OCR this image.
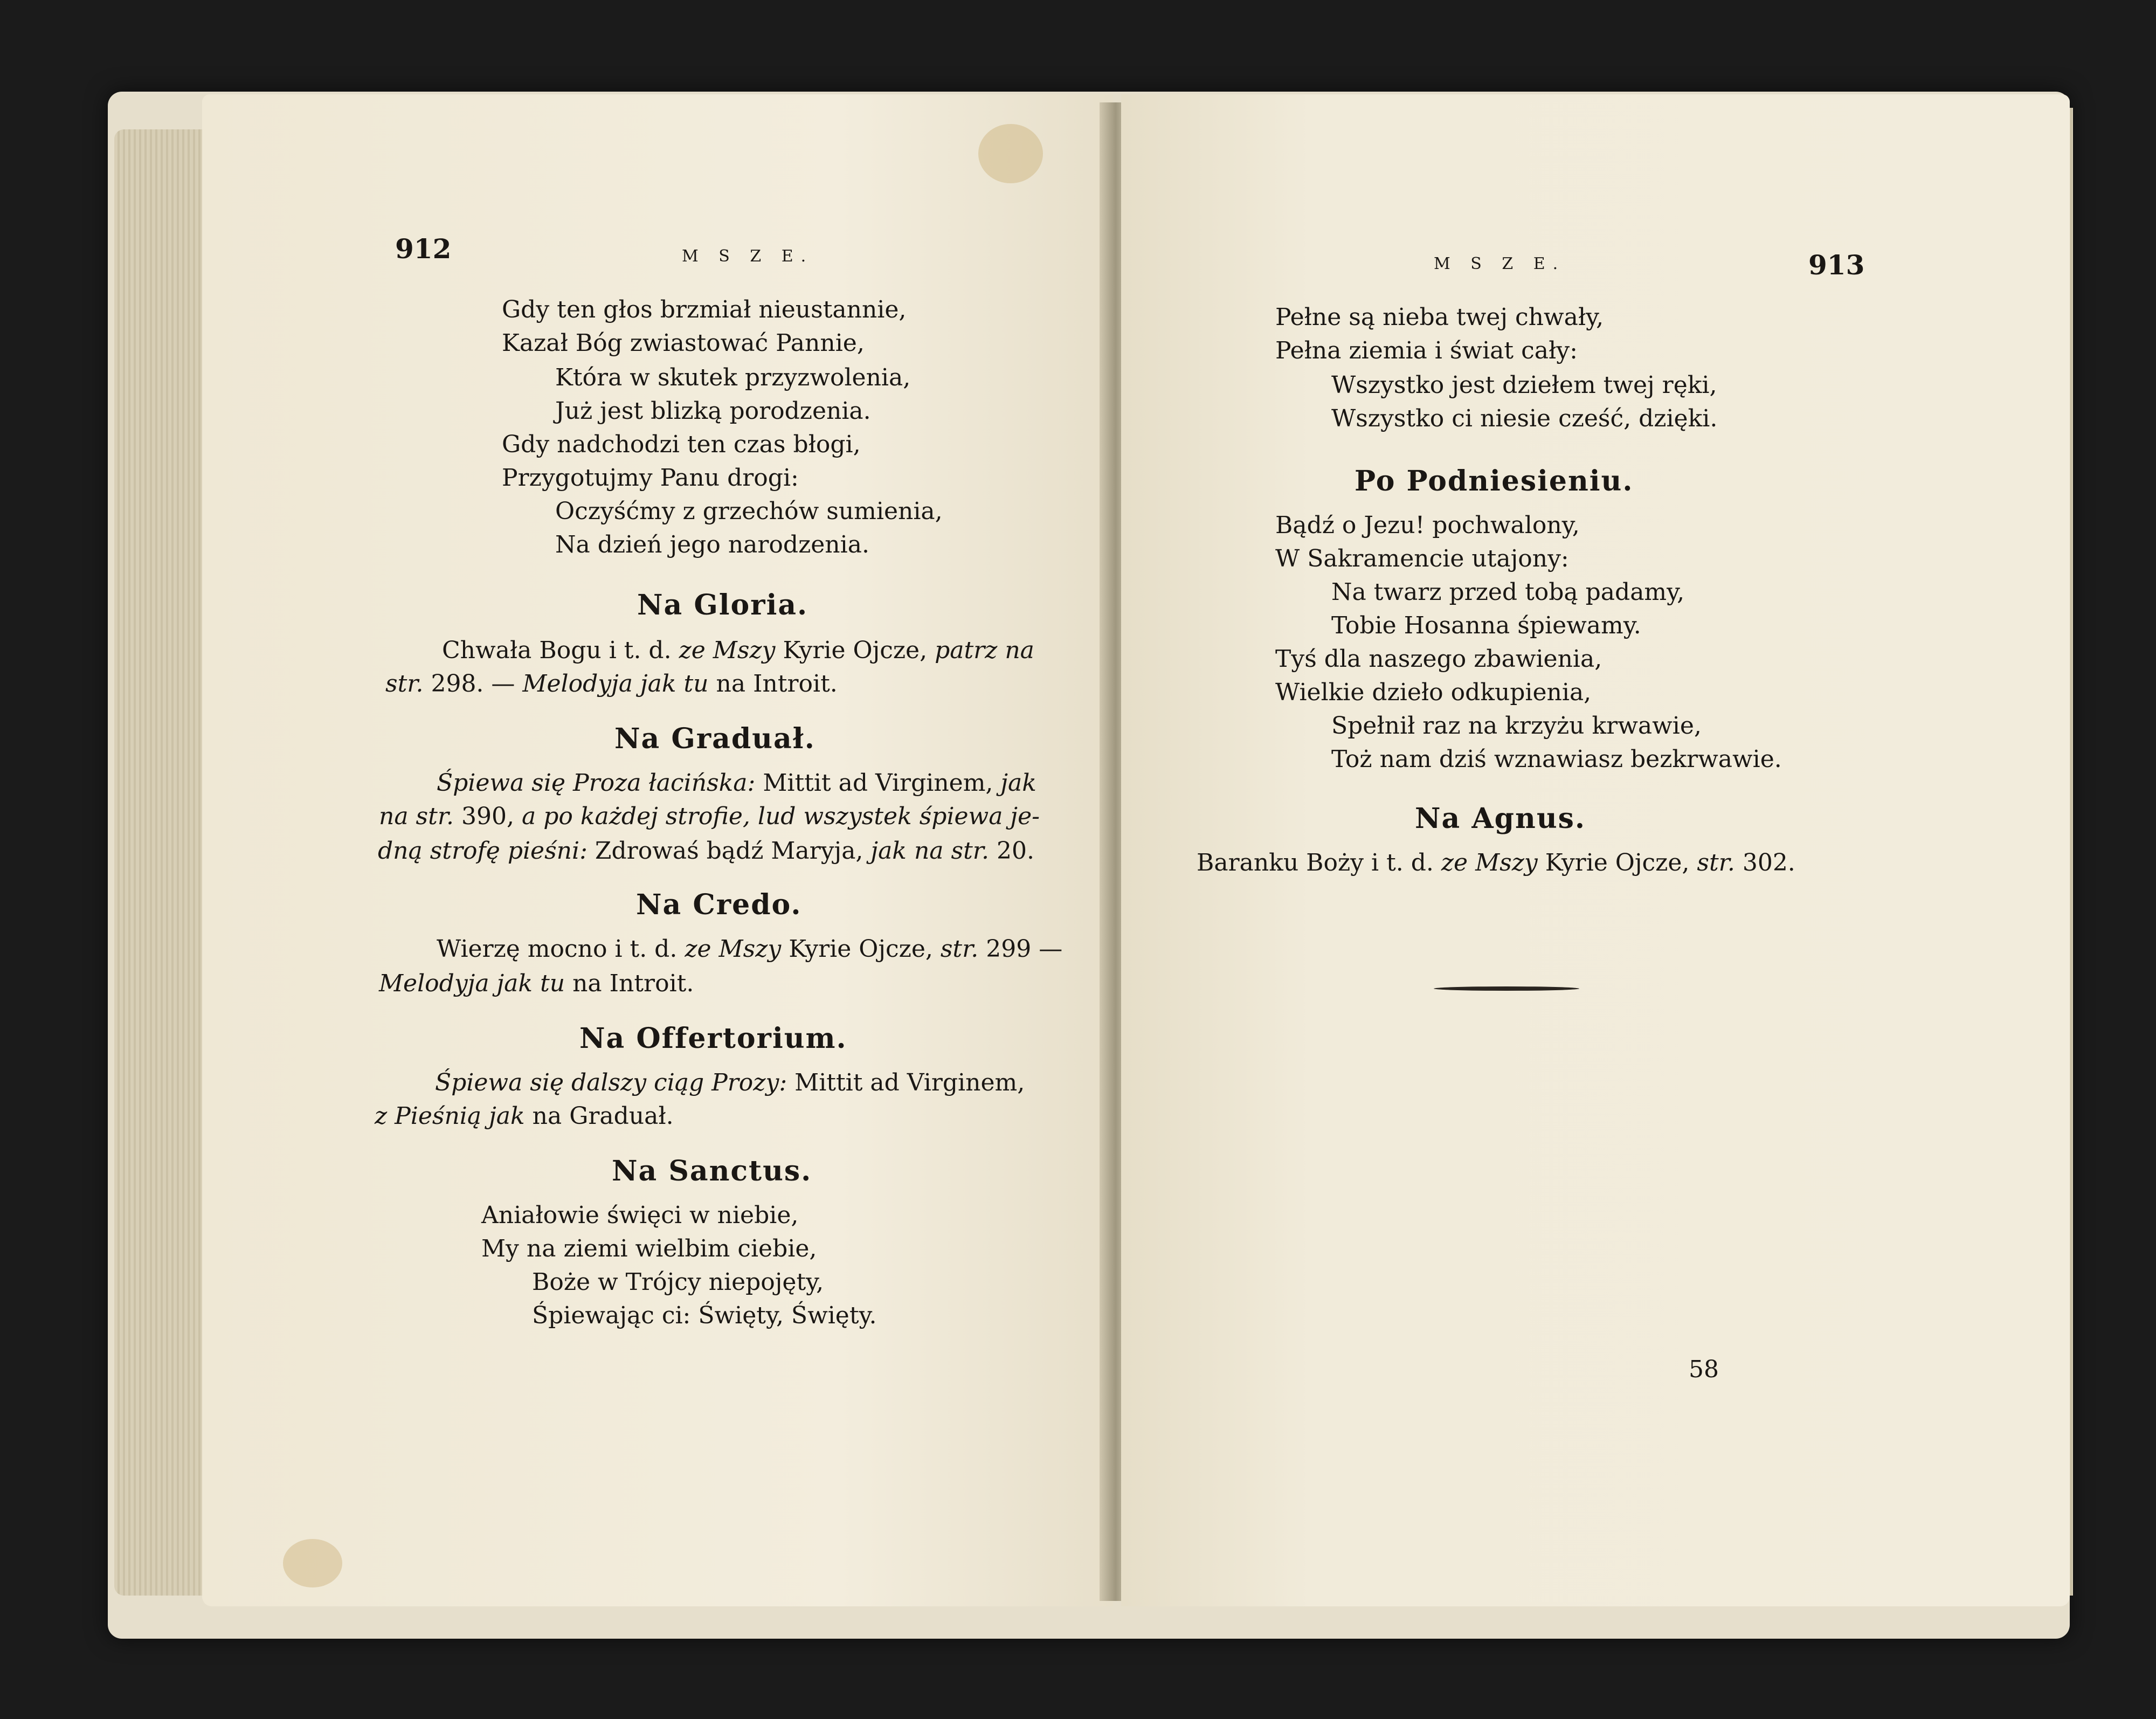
912	M S Z E.
Gdy ten głos brzmiał nieustannie,
Kazał Bóg zwiastować Pannie,
Która w skutek przyzwolenia,
Już jest blizką porodzenia.
Gdy nadchodzi ten czas błogi,
Przygotujmy Panu drogi:
Oczyśćmy z grzechów sumienia,
Na dzień jego narodzenia.
Na Gloria.
Chwała Bogu i t. d. ze Mszy Kyrie Ojcze, patrz na
str. 298. — Melodyja jak tu na Introit.
Na Graduał.
Śpiewa się Proza łacińska: Mittit ad Virginem, jak
na str. 390, a po każdej strofie, lud wszystek śpiewa je-
dną strofę pieśni: Zdrowaś bądź Maryja, jak na str. 20.
Na Credo.
Wierzę mocno i t. d. ze Mszy Kyrie Ojcze, str. 299 —
Melodyja jak tu na Introit.
Na Offertorium.
Śpiewa się dalszy ciąg Prozy: Mittit ad Virginem,
z Pieśnią jak na Graduał.
Na Sanctus.
Aniałowie święci w niebie,
My na ziemi wielbim ciebie,
Boże w Trójcy niepojęty,
Śpiewając ci: Święty, Święty.
M S Z E.	913
Pełne są nieba twej chwały,
Pełna ziemia i świat cały:
Wszystko jest dziełem twej ręki,
Wszystko ci niesie cześć, dzięki.
Po Podniesieniu.
Bądź o Jezu! pochwalony,
W Sakramencie utajony:
Na twarz przed tobą padamy,
Tobie Hosanna śpiewamy.
Tyś dla naszego zbawienia,
Wielkie dzieło odkupienia,
Spełnił raz na krzyżu krwawie,
Toż nam dziś wznawiasz bezkrwawie.
Na Agnus.
Baranku Boży i t. d. ze Mszy Kyrie Ojcze, str. 302.
58
